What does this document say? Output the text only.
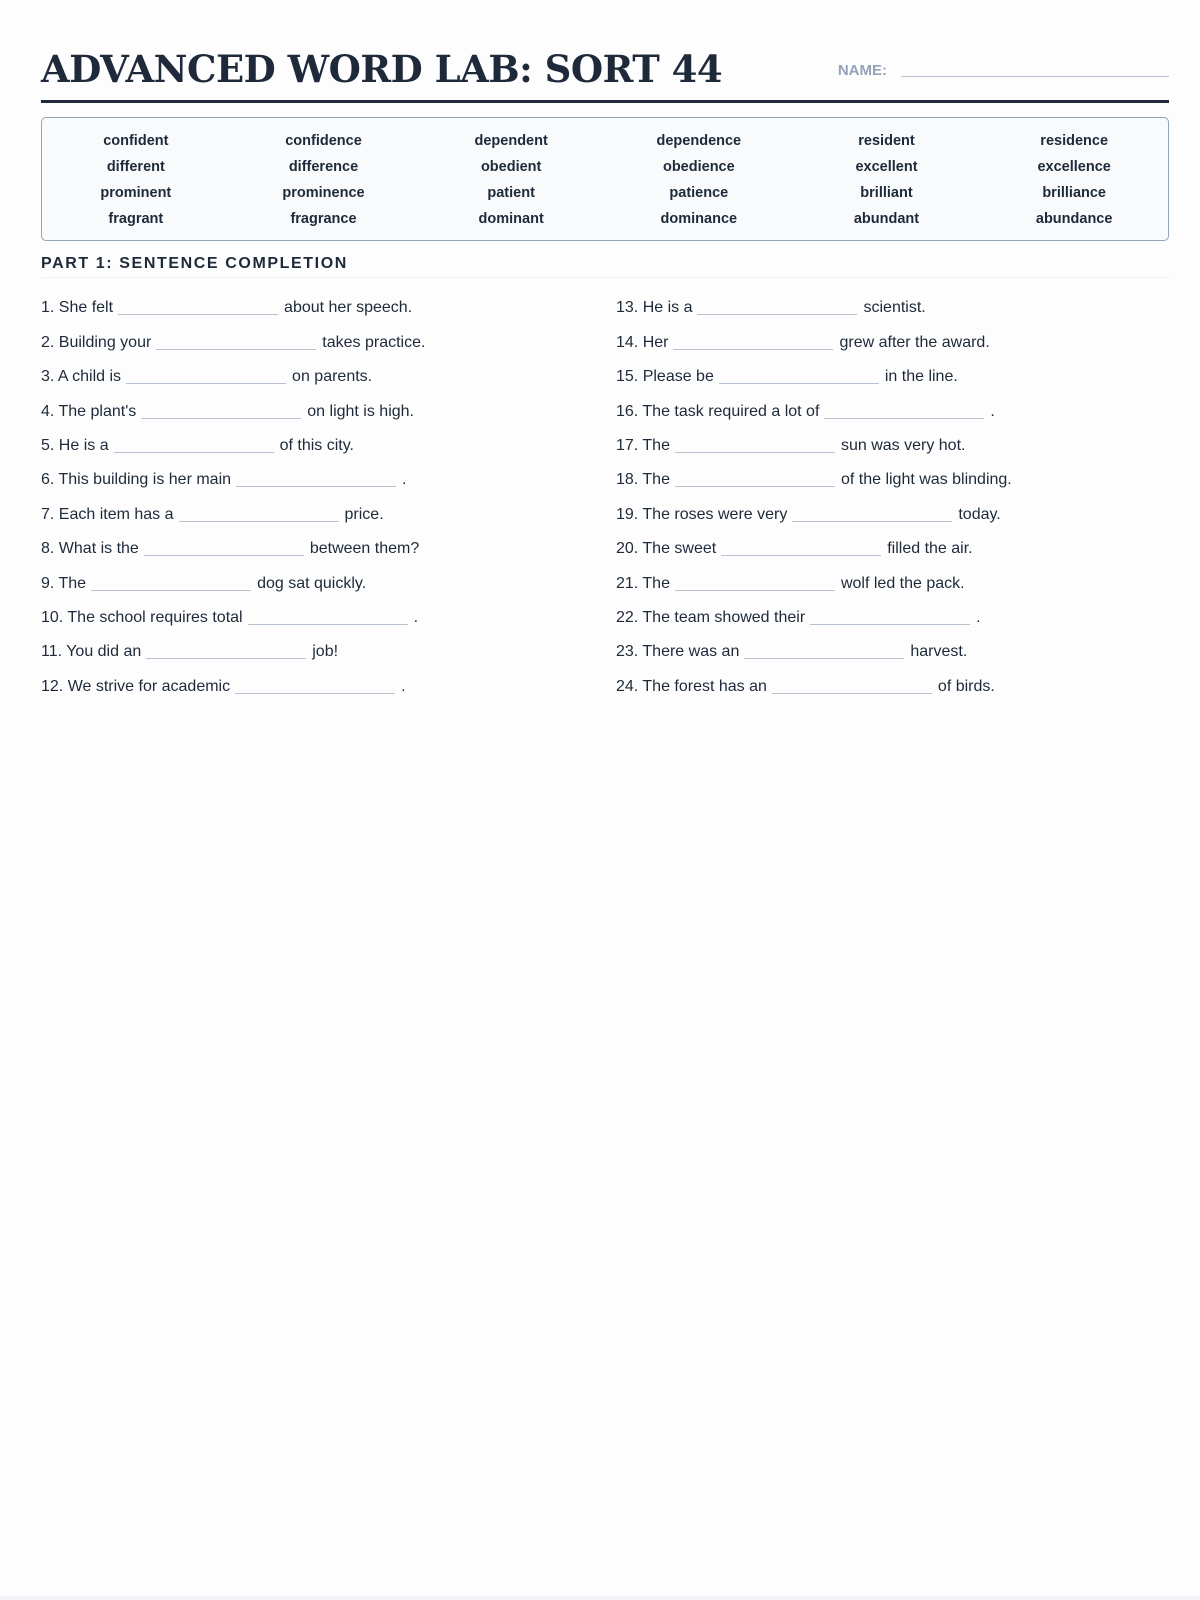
ADVANCED WORD LAB: SORT 44	NAME:
confident	confidence	dependent	dependence	resident	residence
different	difference	obedient	obedience	excellent	excellence
prominent	prominence	patient	patience	brilliant	brilliance
fragrant	fragrance	dominant	dominance	abundant	abundance
PART 1: SENTENCE COMPLETION
1. She felt	about her speech.
2. Building your	takes practice.
3. A child is	on parents.
4. The plant's	on light is high.
5. He is a	of this city.
6. This building is her main	.
7. Each item has a	price.
8. What is the	between them?
9. The	dog sat quickly.
10. The school requires total	.
11. You did an	job!
12. We strive for academic	.
13. He is a	scientist.
14. Her	grew after the award.
15. Please be	in the line.
16. The task required a lot of	.
17. The	sun was very hot.
18. The	of the light was blinding.
19. The roses were very	today.
20. The sweet	filled the air.
21. The	wolf led the pack.
22. The team showed their	.
23. There was an	harvest.
24. The forest has an	of birds.
